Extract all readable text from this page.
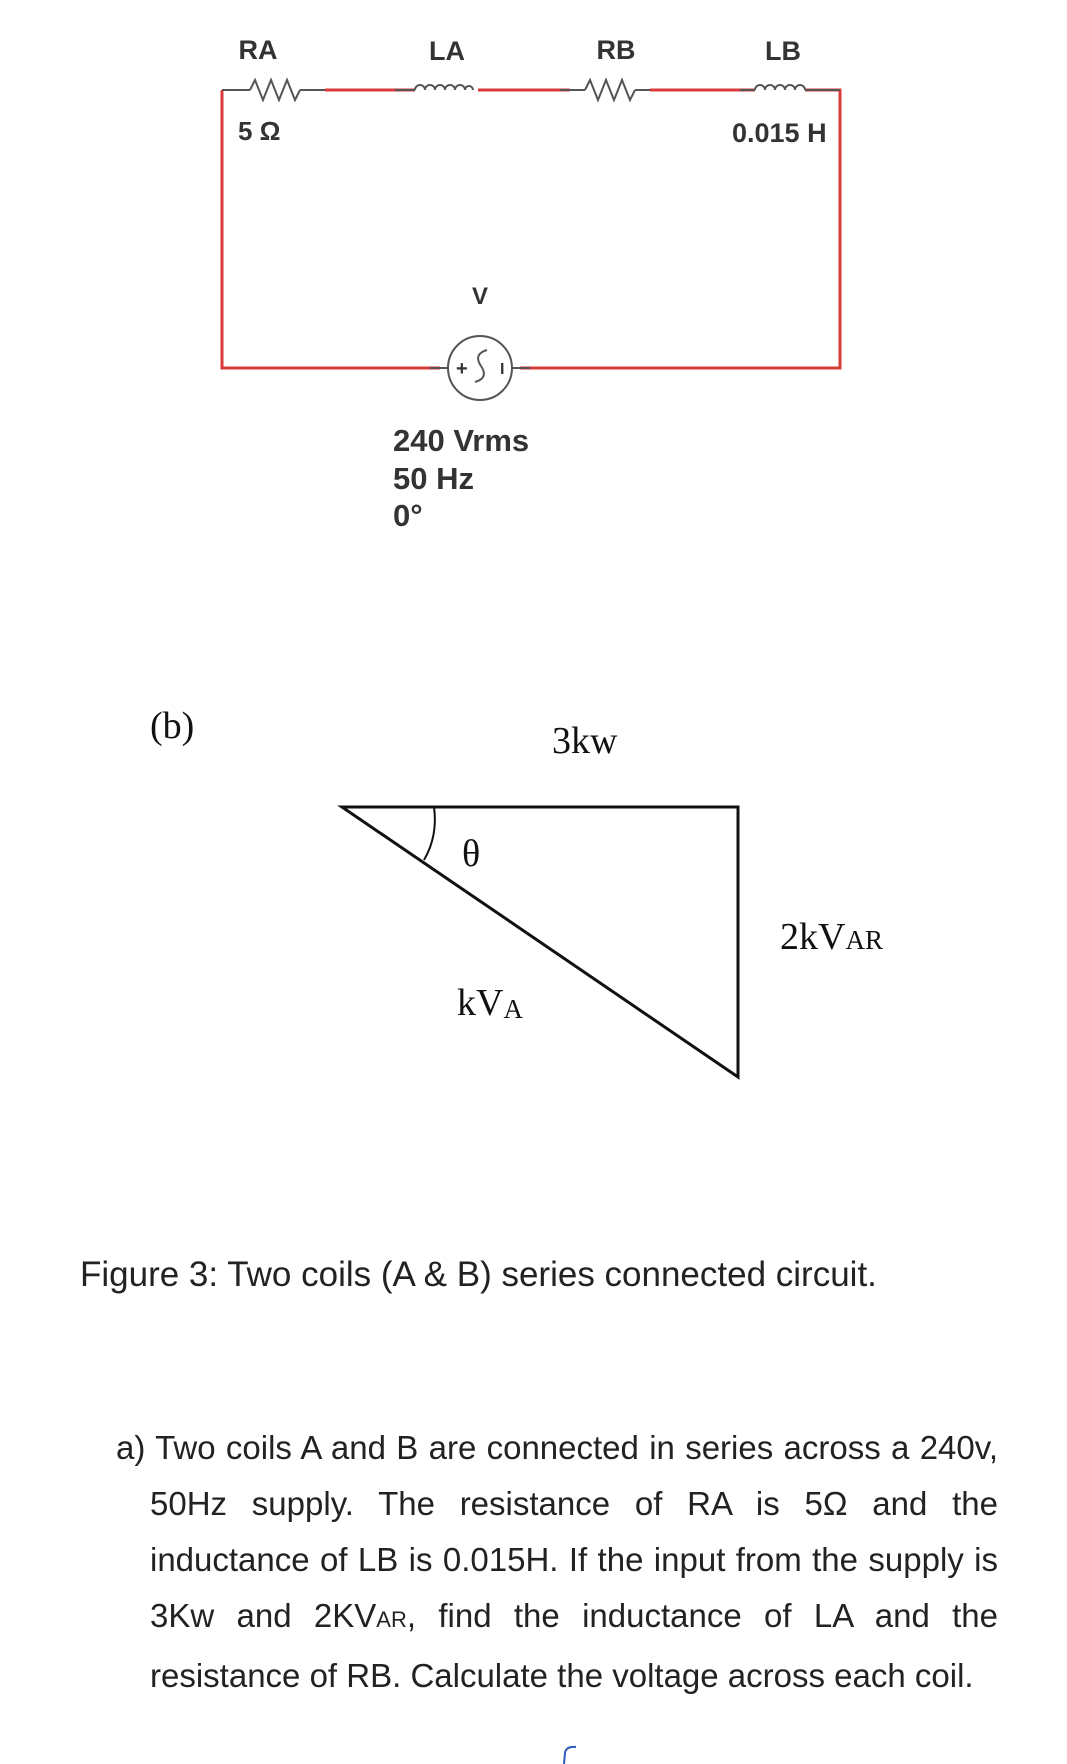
RA
5 Ω
LA	RB	LB
0.015 H
V
+ I
240 Vrms
50 Hz
0°
(b)	3kw
θ
2kVAR
kVA
Figure 3: Two coils (A & B) series connected circuit.
a) Two coils A and B are connected in series across a 240v, 50Hz supply. The resistance of RA is 5Ω and the inductance of LB is 0.015H. If the input from the supply is 3Kw and 2KVAR, find the inductance of LA and the resistance of RB. Calculate the voltage across each coil.
